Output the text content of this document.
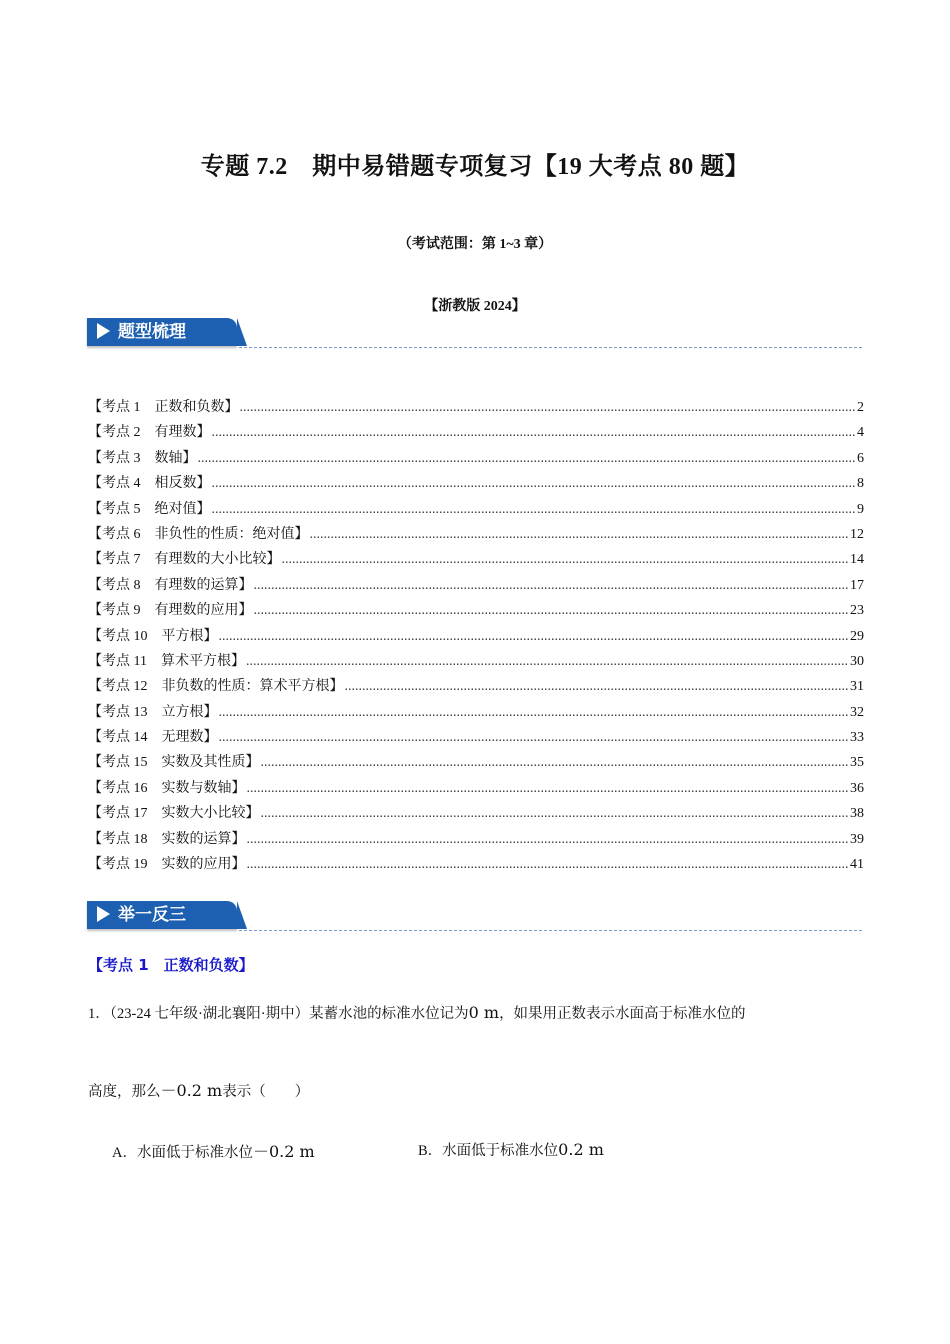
专题 7.2　期中易错题专项复习【19 大考点 80 题】
（考试范围：第 1~3 章）
【浙教版 2024】
题型梳理
【考点 1　 正数和负数】 .....	2
【考点 2　 有理数】 .....	4
【考点 3　 数轴】 .....	6
【考点 4　 相反数】 .....	8
【考点 5　 绝对值】 .....	9
【考点 6　 非负性的性质：绝对值】 .....	12
【考点 7　 有理数的大小比较】 .....	14
【考点 8　 有理数的运算】 .....	17
【考点 9　 有理数的应用】 .....	23
【考点 10　 平方根】 .....	29
【考点 11　 算术平方根】 .....	30
【考点 12　 非负数的性质：算术平方根】 .....	31
【考点 13　 立方根】 .....	32
【考点 14　 无理数】 .....	33
【考点 15　 实数及其性质】 .....	35
【考点 16　 实数与数轴】 .....	36
【考点 17　 实数大小比较】 .....	38
【考点 18　 实数的运算】 .....	39
【考点 19　 实数的应用】 .....	41
举一反三
【考点 1　正数和负数】
1．（23-24 七年级·湖北襄阳·期中）某蓄水池的标准水位记为0 m，如果用正数表示水面高于标准水位的
高度，那么－0.2 m表示（　　）
A．水面低于标准水位－0.2 m	B．水面低于标准水位0.2 m
